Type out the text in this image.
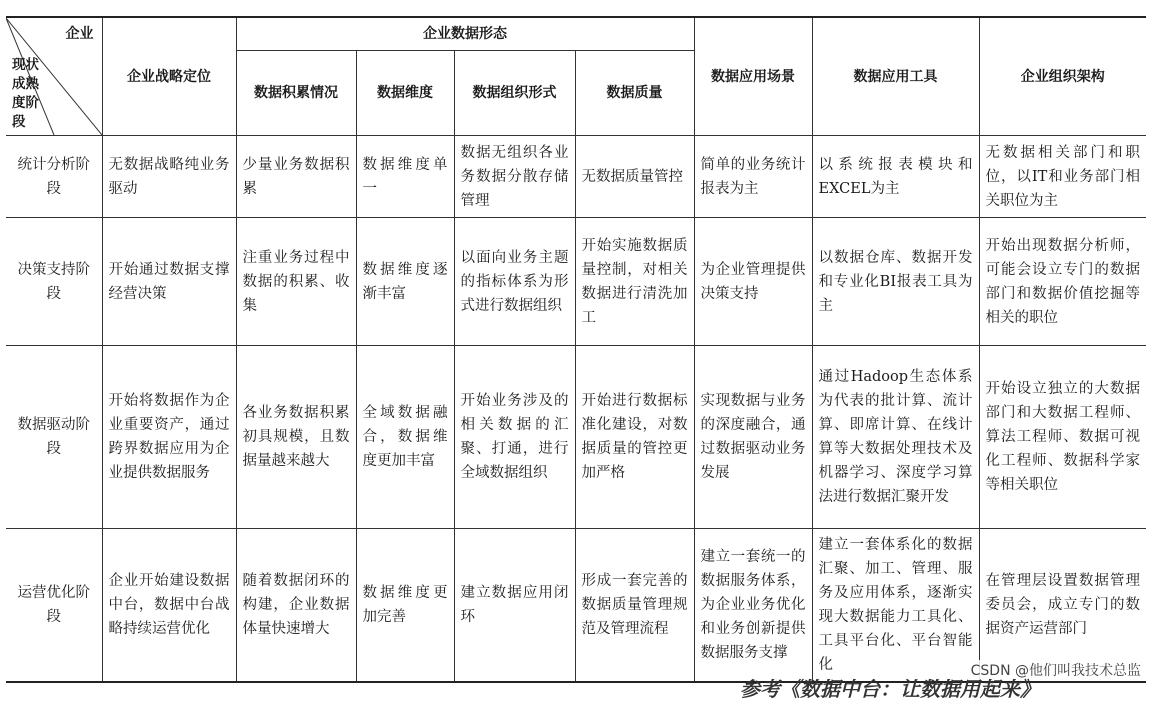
企业
现状
成熟
度阶段	企业战略定位	企业数据形态				数据应用场景	数据应用工具	企业组织架构
		数据积累情况	数据维度	数据组织形式	数据质量			
统计分析阶段	无数据战略纯业务驱动	少量业务数据积累	数据维度单一	数据无组织各业务数据分散存储管理	无数据质量管控	简单的业务统计报表为主	以系统报表模块和EXCEL为主	无数据相关部门和职位，以IT和业务部门相关职位为主
决策支持阶段	开始通过数据支撑经营决策	注重业务过程中数据的积累、收集	数据维度逐渐丰富	以面向业务主题的指标体系为形式进行数据组织	开始实施数据质量控制，对相关数据进行清洗加工	为企业管理提供决策支持	以数据仓库、数据开发和专业化BI报表工具为主	开始出现数据分析师，可能会设立专门的数据部门和数据价值挖掘等相关的职位
数据驱动阶段	开始将数据作为企业重要资产，通过跨界数据应用为企业提供数据服务	各业务数据积累初具规模，且数据量越来越大	全域数据融合，数据维度更加丰富	开始业务涉及的相关数据的汇聚、打通，进行全域数据组织	开始进行数据标准化建设，对数据质量的管控更加严格	实现数据与业务的深度融合，通过数据驱动业务发展	通过Hadoop生态体系为代表的批计算、流计算、即席计算、在线计算等大数据处理技术及机器学习、深度学习算法进行数据汇聚开发	开始设立独立的大数据部门和大数据工程师、算法工程师、数据可视化工程师、数据科学家等相关职位
运营优化阶段	企业开始建设数据中台，数据中台战略持续运营优化	随着数据闭环的构建，企业数据体量快速增大	数据维度更加完善	建立数据应用闭环	形成一套完善的数据质量管理规范及管理流程	建立一套统一的数据服务体系，为企业业务优化和业务创新提供数据服务支撑	建立一套体系化的数据汇聚、加工、管理、服务及应用体系，逐渐实现大数据能力工具化、工具平台化、平台智能化	在管理层设置数据管理委员会，成立专门的数据资产运营部门
CSDN @他们叫我技术总监
参考《数据中台：让数据用起来》
